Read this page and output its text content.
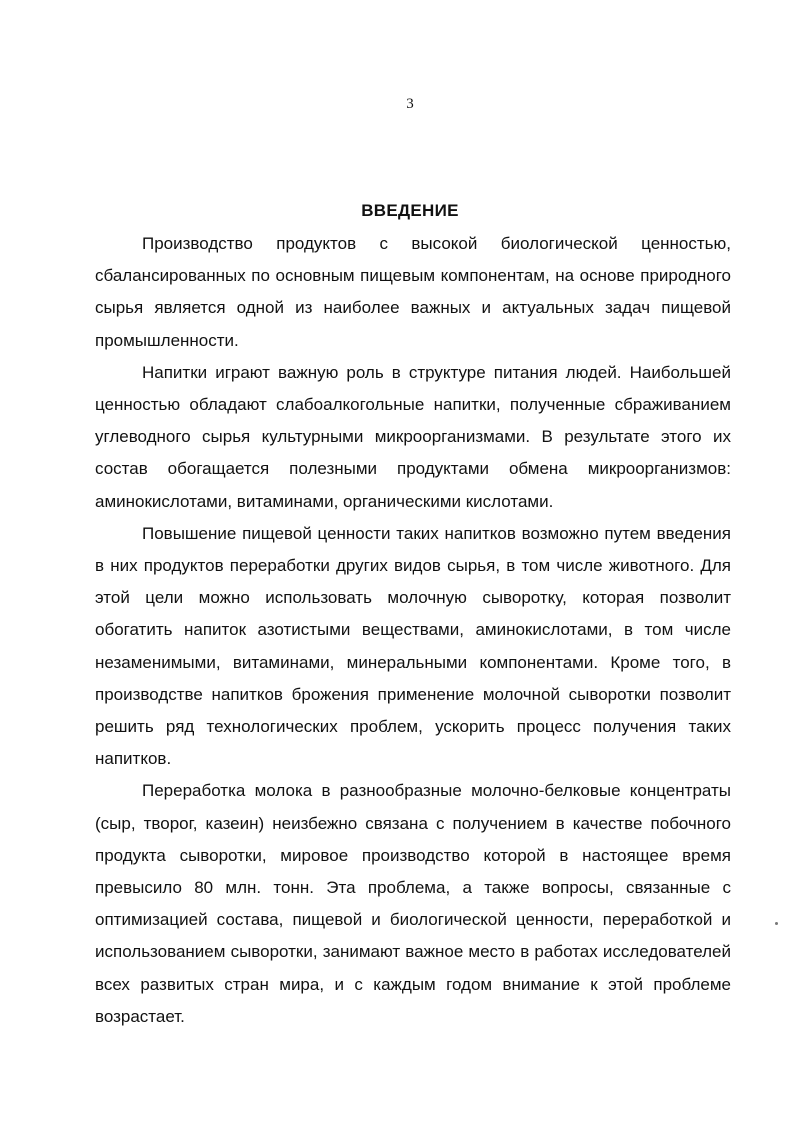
3
ВВЕДЕНИЕ

Производство продуктов с высокой биологической ценностью, сбалансированных по основным пищевым компонентам, на основе природного сырья является одной из наиболее важных и актуальных задач пищевой промышленности.

Напитки играют важную роль в структуре питания людей. Наибольшей ценностью обладают слабоалкогольные напитки, полученные сбраживанием углеводного сырья культурными микроорганизмами. В результате этого их состав обогащается полезными продуктами обмена микроорганизмов: аминокислотами, витаминами, органическими кислотами.

Повышение пищевой ценности таких напитков возможно путем введения в них продуктов переработки других видов сырья, в том числе животного. Для этой цели можно использовать молочную сыворотку, которая позволит обогатить напиток азотистыми веществами, аминокислотами, в том числе незаменимыми, витаминами, минеральными компонентами. Кроме того, в производстве напитков брожения применение молочной сыворотки позволит решить ряд технологических проблем, ускорить процесс получения таких напитков.

Переработка молока в разнообразные молочно-белковые концентраты (сыр, творог, казеин) неизбежно связана с получением в качестве побочного продукта сыворотки, мировое производство которой в настоящее время превысило 80 млн. тонн. Эта проблема, а также вопросы, связанные с оптимизацией состава, пищевой и биологической ценности, переработкой и использованием сыворотки, занимают важное место в работах исследователей всех развитых стран мира, и с каждым годом внимание к этой проблеме возрастает.
